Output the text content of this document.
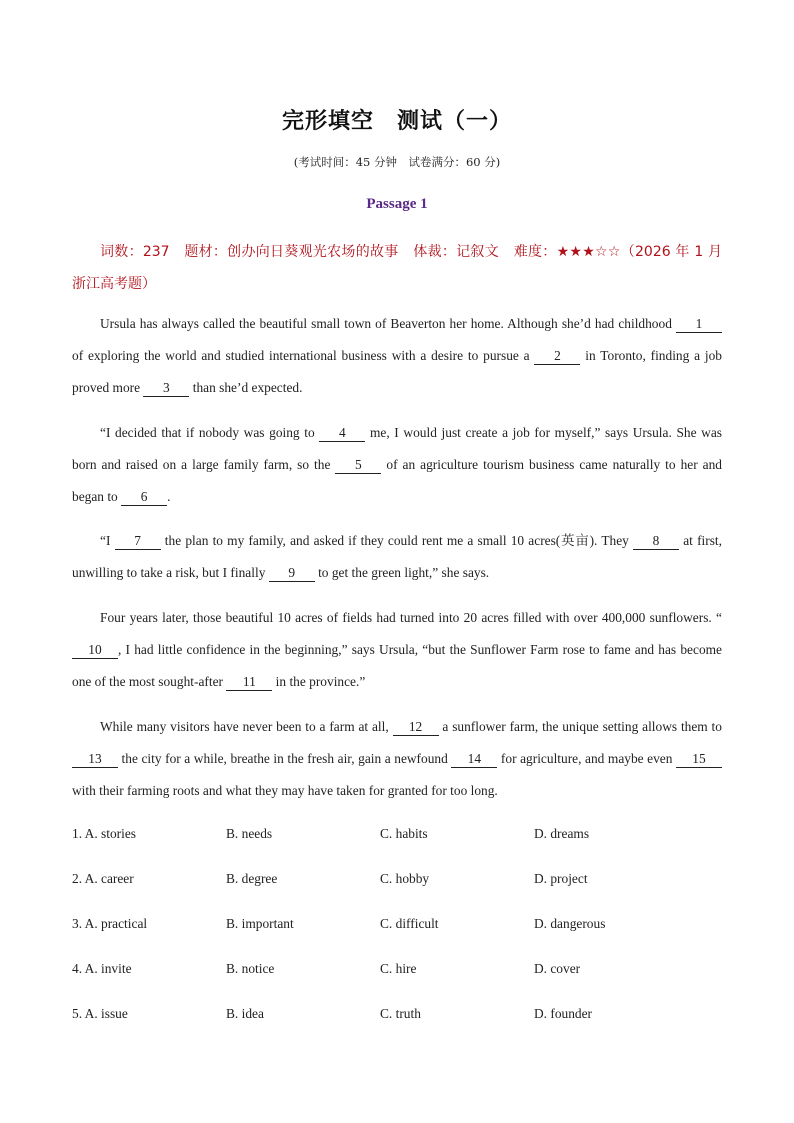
完形填空　测试（一）
(考试时间：45 分钟　试卷满分：60 分)
Passage 1
词数：237 题材：创办向日葵观光农场的故事 体裁：记叙文 难度：★★★☆☆（2026 年 1 月浙江高考题）
Ursula has always called the beautiful small town of Beaverton her home. Although she’d had childhood 1 of exploring the world and studied international business with a desire to pursue a 2 in Toronto, finding a job proved more 3 than she’d expected.
“I decided that if nobody was going to 4 me, I would just create a job for myself,” says Ursula. She was born and raised on a large family farm, so the 5 of an agriculture tourism business came naturally to her and began to 6 .
“I 7 the plan to my family, and asked if they could rent me a small 10 acres(英亩). They 8 at first, unwilling to take a risk, but I finally 9 to get the green light,” she says.
Four years later, those beautiful 10 acres of fields had turned into 20 acres filled with over 400,000 sunflowers. “10 , I had little confidence in the beginning,” says Ursula, “but the Sunflower Farm rose to fame and has become one of the most sought-after 11 in the province.”
While many visitors have never been to a farm at all, 12 a sunflower farm, the unique setting allows them to 13 the city for a while, breathe in the fresh air, gain a newfound 14 for agriculture, and maybe even 15 with their farming roots and what they may have taken for granted for too long.
1. A. stories	B. needs	C. habits	D. dreams
2. A. career	B. degree	C. hobby	D. project
3. A. practical	B. important	C. difficult	D. dangerous
4. A. invite	B. notice	C. hire	D. cover
5. A. issue	B. idea	C. truth	D. founder
